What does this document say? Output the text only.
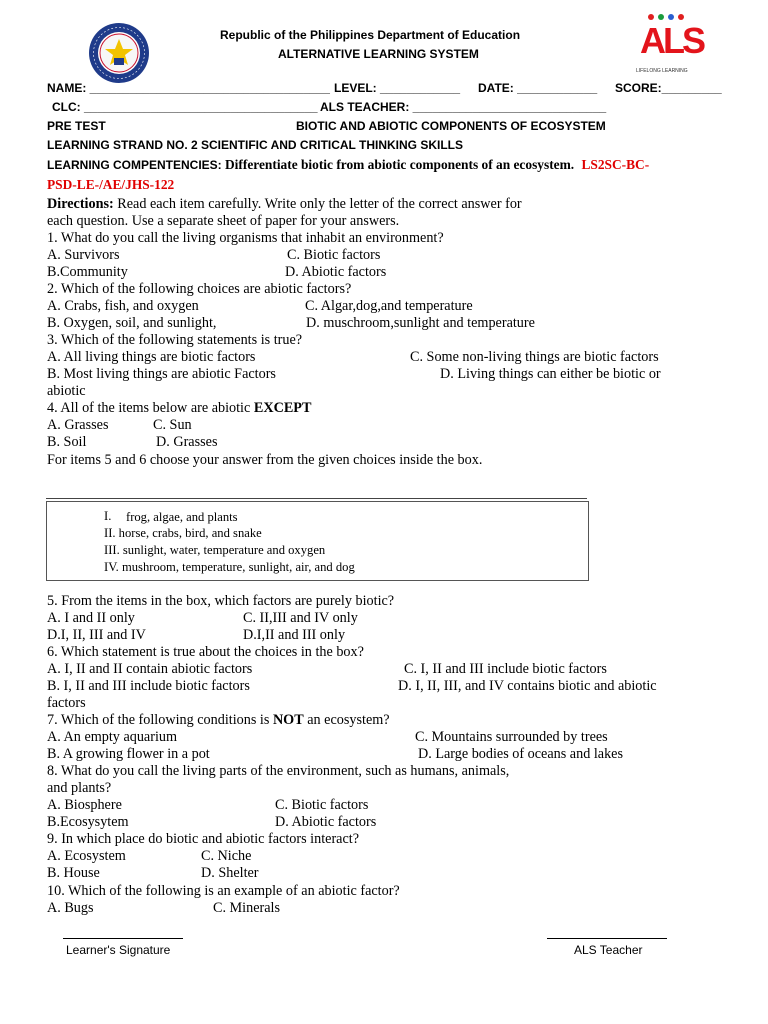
Republic of the Philippines Department of Education
ALTERNATIVE LEARNING SYSTEM	ALS
LIFELONG LEARNING
NAME: ____________________________________ LEVEL: ____________ DATE: ____________ SCORE:_________
CLC: ___________________________________ ALS TEACHER: _____________________________
PRE TEST	BIOTIC AND ABIOTIC COMPONENTS OF ECOSYSTEM
LEARNING STRAND NO. 2 SCIENTIFIC AND CRITICAL THINKING SKILLS
LEARNING COMPENTENCIES: Differentiate biotic from abiotic components of an ecosystem. LS2SC-BC-
PSD-LE-/AE/JHS-122
Directions: Read each item carefully. Write only the letter of the correct answer for
each question. Use a separate sheet of paper for your answers.
1. What do you call the living organisms that inhabit an environment?
A. Survivors	C. Biotic factors
B.Community	D. Abiotic factors
2. Which of the following choices are abiotic factors?
A. Crabs, fish, and oxygen	C. Algar,dog,and temperature
B. Oxygen, soil, and sunlight,	D. muschroom,sunlight and temperature
3. Which of the following statements is true?
A. All living things are biotic factors	C. Some non-living things are biotic factors
B. Most living things are abiotic Factors	D. Living things can either be biotic or
abiotic
4. All of the items below are abiotic EXCEPT
A. Grasses	C. Sun
B. Soil	D. Grasses
For items 5 and 6 choose your answer from the given choices inside the box.
I. frog, algae, and plants
II. horse, crabs, bird, and snake
III. sunlight, water, temperature and oxygen
IV. mushroom, temperature, sunlight, air, and dog
5. From the items in the box, which factors are purely biotic?
A. I and II only	C. II,III and IV only
D.I, II, III and IV	D.I,II and III only
6. Which statement is true about the choices in the box?
A. I, II and II contain abiotic factors	C. I, II and III include biotic factors
B. I, II and III include biotic factors	D. I, II, III, and IV contains biotic and abiotic
factors
7. Which of the following conditions is NOT an ecosystem?
A. An empty aquarium	C. Mountains surrounded by trees
B. A growing flower in a pot	D. Large bodies of oceans and lakes
8. What do you call the living parts of the environment, such as humans, animals,
and plants?
A. Biosphere	C. Biotic factors
B.Ecosysytem	D. Abiotic factors
9. In which place do biotic and abiotic factors interact?
A. Ecosystem	C. Niche
B. House	D. Shelter
10. Which of the following is an example of an abiotic factor?
A. Bugs	C. Minerals
Learner's Signature	ALS Teacher
